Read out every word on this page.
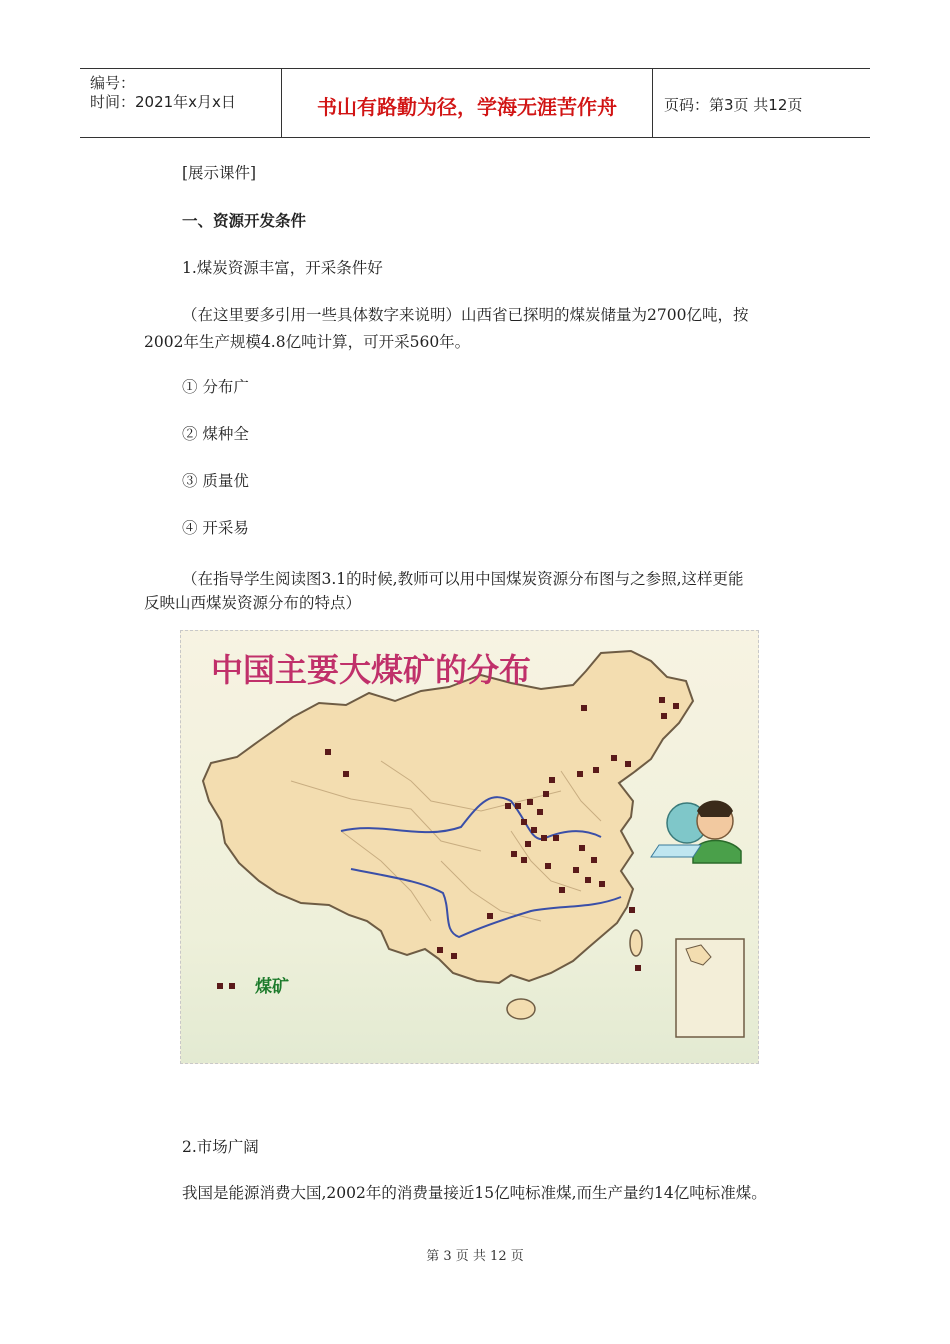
编号：
时间：2021年x月x日	书山有路勤为径，学海无涯苦作舟	页码：第3页 共12页

[展示课件]

一、资源开发条件

1.煤炭资源丰富，开采条件好

（在这里要多引用一些具体数字来说明）山西省已探明的煤炭储量为2700亿吨，按

2002年生产规模4.8亿吨计算，可开采560年。

① 分布广

② 煤种全

③ 质量优

④ 开采易

（在指导学生阅读图3.1的时候,教师可以用中国煤炭资源分布图与之参照,这样更能

反映山西煤炭资源分布的特点）

中国主要大煤矿的分布
煤矿

2.市场广阔

我国是能源消费大国,2002年的消费量接近15亿吨标准煤,而生产量约14亿吨标准煤。

第 3 页 共 12 页
